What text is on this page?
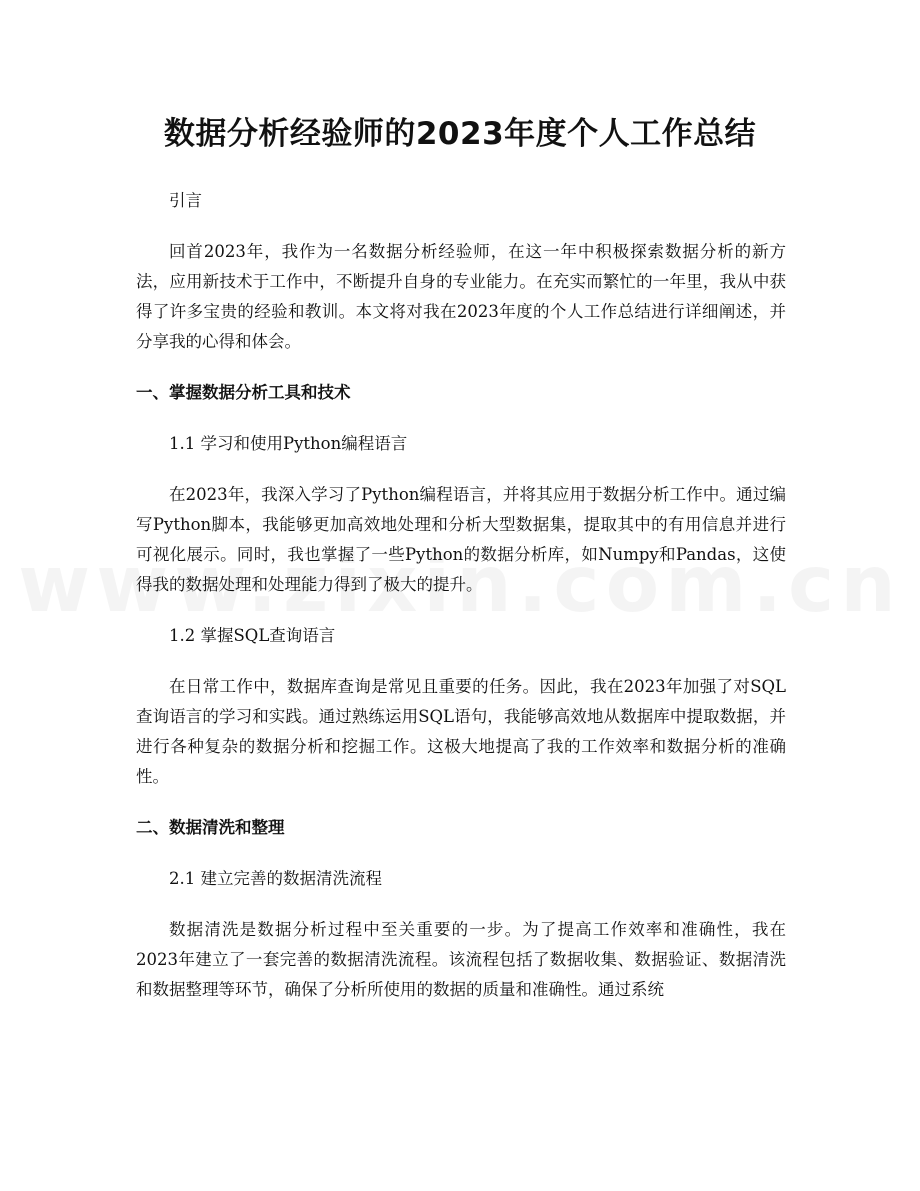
数据分析经验师的2023年度个人工作总结
引言
回首2023年，我作为一名数据分析经验师，在这一年中积极探索数据分析的新方法，应用新技术于工作中，不断提升自身的专业能力。在充实而繁忙的一年里，我从中获得了许多宝贵的经验和教训。本文将对我在2023年度的个人工作总结进行详细阐述，并分享我的心得和体会。
一、掌握数据分析工具和技术
1.1 学习和使用Python编程语言
在2023年，我深入学习了Python编程语言，并将其应用于数据分析工作中。通过编写Python脚本，我能够更加高效地处理和分析大型数据集，提取其中的有用信息并进行可视化展示。同时，我也掌握了一些Python的数据分析库，如Numpy和Pandas，这使得我的数据处理和处理能力得到了极大的提升。
1.2 掌握SQL查询语言
在日常工作中，数据库查询是常见且重要的任务。因此，我在2023年加强了对SQL查询语言的学习和实践。通过熟练运用SQL语句，我能够高效地从数据库中提取数据，并进行各种复杂的数据分析和挖掘工作。这极大地提高了我的工作效率和数据分析的准确性。
二、数据清洗和整理
2.1 建立完善的数据清洗流程
数据清洗是数据分析过程中至关重要的一步。为了提高工作效率和准确性，我在2023年建立了一套完善的数据清洗流程。该流程包括了数据收集、数据验证、数据清洗和数据整理等环节，确保了分析所使用的数据的质量和准确性。通过系统
